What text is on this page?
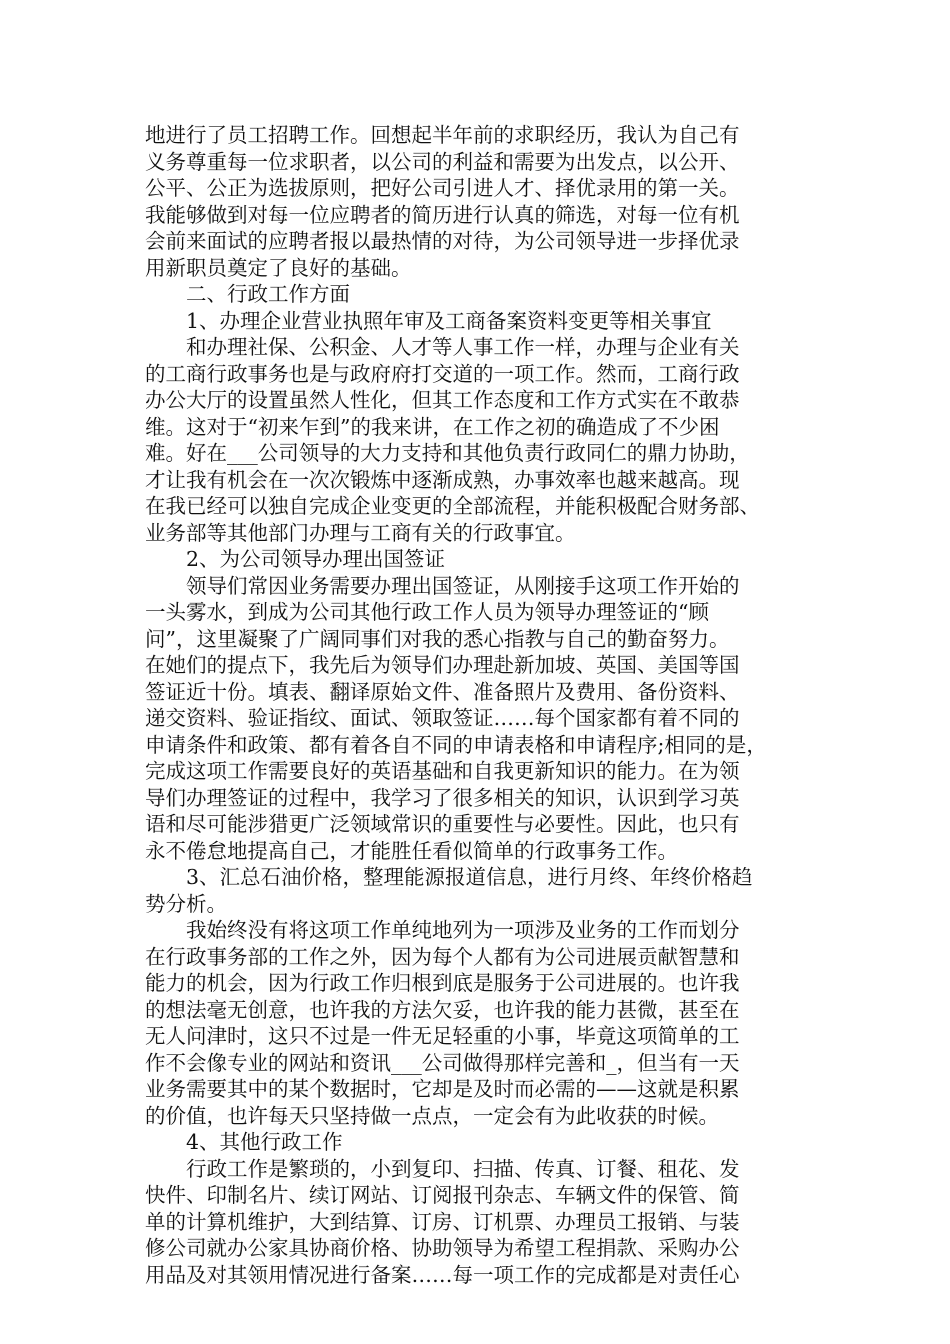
地进行了员工招聘工作。回想起半年前的求职经历，我认为自己有
义务尊重每一位求职者，以公司的利益和需要为出发点，以公开、
公平、公正为选拔原则，把好公司引进人才、择优录用的第一关。
我能够做到对每一位应聘者的简历进行认真的筛选，对每一位有机
会前来面试的应聘者报以最热情的对待，为公司领导进一步择优录
用新职员奠定了良好的基础。
二、行政工作方面
1、办理企业营业执照年审及工商备案资料变更等相关事宜
和办理社保、公积金、人才等人事工作一样，办理与企业有关
的工商行政事务也是与政府府打交道的一项工作。然而，工商行政
办公大厅的设置虽然人性化，但其工作态度和工作方式实在不敢恭
维。这对于“初来乍到”的我来讲，在工作之初的确造成了不少困
难。好在___公司领导的大力支持和其他负责行政同仁的鼎力协助，
才让我有机会在一次次锻炼中逐渐成熟，办事效率也越来越高。现
在我已经可以独自完成企业变更的全部流程，并能积极配合财务部、
业务部等其他部门办理与工商有关的行政事宜。
2、为公司领导办理出国签证
领导们常因业务需要办理出国签证，从刚接手这项工作开始的
一头雾水，到成为公司其他行政工作人员为领导办理签证的“顾
问”，这里凝聚了广阔同事们对我的悉心指教与自己的勤奋努力。
在她们的提点下，我先后为领导们办理赴新加坡、英国、美国等国
签证近十份。填表、翻译原始文件、准备照片及费用、备份资料、
递交资料、验证指纹、面试、领取签证……每个国家都有着不同的
申请条件和政策、都有着各自不同的申请表格和申请程序;相同的是，
完成这项工作需要良好的英语基础和自我更新知识的能力。在为领
导们办理签证的过程中，我学习了很多相关的知识，认识到学习英
语和尽可能涉猎更广泛领域常识的重要性与必要性。因此，也只有
永不倦怠地提高自己，才能胜任看似简单的行政事务工作。
3、汇总石油价格，整理能源报道信息，进行月终、年终价格趋
势分析。
我始终没有将这项工作单纯地列为一项涉及业务的工作而划分
在行政事务部的工作之外，因为每个人都有为公司进展贡献智慧和
能力的机会，因为行政工作归根到底是服务于公司进展的。也许我
的想法毫无创意，也许我的方法欠妥，也许我的能力甚微，甚至在
无人问津时，这只不过是一件无足轻重的小事，毕竟这项简单的工
作不会像专业的网站和资讯___公司做得那样完善和_，但当有一天
业务需要其中的某个数据时，它却是及时而必需的——这就是积累
的价值，也许每天只坚持做一点点，一定会有为此收获的时候。
4、其他行政工作
行政工作是繁琐的，小到复印、扫描、传真、订餐、租花、发
快件、印制名片、续订网站、订阅报刊杂志、车辆文件的保管、简
单的计算机维护，大到结算、订房、订机票、办理员工报销、与装
修公司就办公家具协商价格、协助领导为希望工程捐款、采购办公
用品及对其领用情况进行备案……每一项工作的完成都是对责任心
